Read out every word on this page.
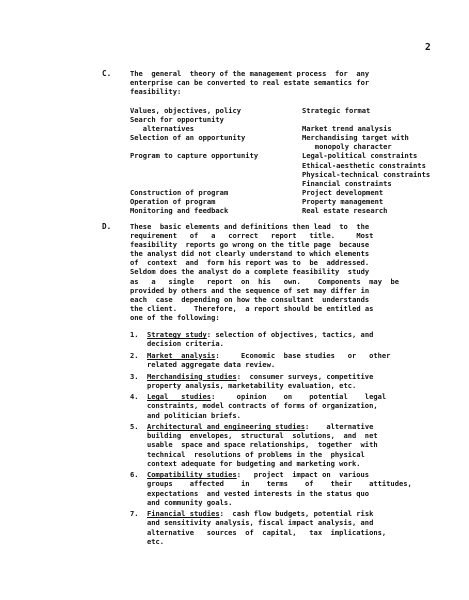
2
C.	The  general  theory of the management process  for  any
enterprise can be converted to real estate semantics for
feasibility:
Values, objectives, policy	Strategic format
Search for opportunity
alternatives	Market trend analysis
Selection of an opportunity	Merchandising target with
monopoly character
Program to capture opportunity	Legal-political constraints
Ethical-aesthetic constraints
Physical-technical constraints
Financial constraints
Construction of program	Project development
Operation of program	Property management
Monitoring and feedback	Real estate research
D.	These  basic elements and definitions then lead  to  the
requirement   of   a   correct   report   title.     Most
feasibility  reports go wrong on the title page  because
the analyst did not clearly understand to which elements
of  context  and  form his report was to  be  addressed.
Seldom does the analyst do a complete feasibility  study
as   a   single   report  on  his   own.    Components  may  be
provided by others and the sequence of set may differ in
each  case  depending on how the consultant  understands
the client.    Therefore,  a report should be entitled as
one of the following:
1. Strategy study: selection of objectives, tactics, and
decision criteria.
2. Market  analysis:     Economic  base studies   or   other
related aggregate data review.
3. Merchandising studies:  consumer surveys, competitive
property analysis, marketability evaluation, etc.
4. Legal   studies:     opinion    on    potential    legal
constraints, model contracts of forms of organization,
and politician briefs.
5. Architectural and engineering studies:    alternative
building  envelopes,  structural  solutions,  and  net
usable  space and space relationships,  together  with
technical  resolutions of problems in the  physical
context adequate for budgeting and marketing work.
6. Compatibility studies:   project  impact on  various
groups    affected    in    terms    of    their    attitudes,
expectations  and vested interests in the status quo
and community goals.
7. Financial studies:  cash flow budgets, potential risk
and sensitivity analysis, fiscal impact analysis, and
alternative   sources  of  capital,   tax  implications,
etc.
